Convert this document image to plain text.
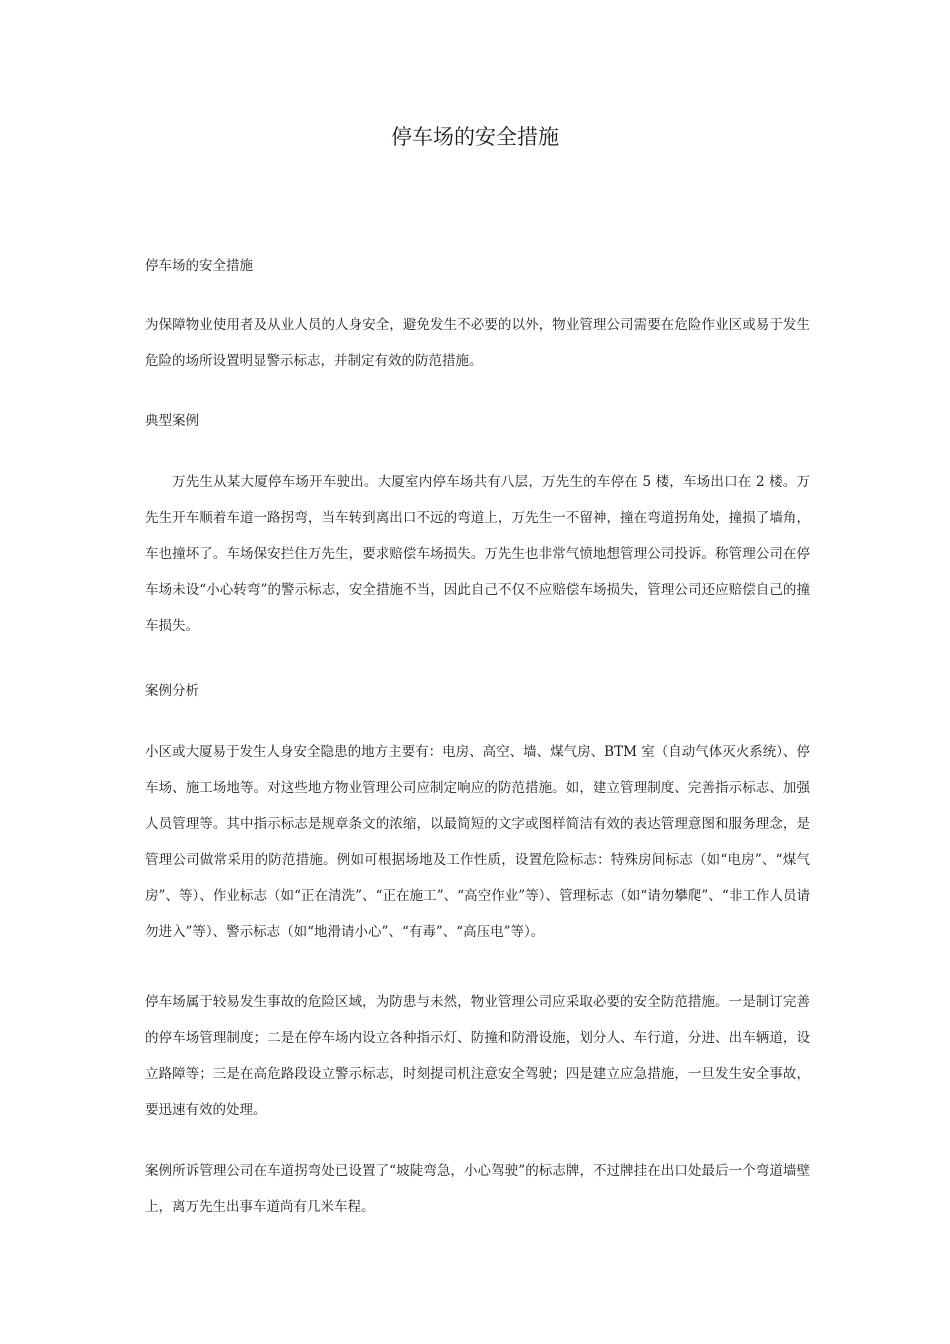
停车场的安全措施
停车场的安全措施

为保障物业使用者及从业人员的人身安全，避免发生不必要的以外，物业管理公司需要在危险作业区或易于发生危险的场所设置明显警示标志，并制定有效的防范措施。

典型案例

万先生从某大厦停车场开车驶出。大厦室内停车场共有八层，万先生的车停在 5 楼，车场出口在 2 楼。万先生开车顺着车道一路拐弯，当车转到离出口不远的弯道上，万先生一不留神，撞在弯道拐角处，撞损了墙角，车也撞坏了。车场保安拦住万先生，要求赔偿车场损失。万先生也非常气愤地想管理公司投诉。称管理公司在停车场未设“小心转弯”的警示标志，安全措施不当，因此自己不仅不应赔偿车场损失，管理公司还应赔偿自己的撞车损失。

案例分析

小区或大厦易于发生人身安全隐患的地方主要有：电房、高空、墙、煤气房、BTM 室（自动气体灭火系统）、停车场、施工场地等。对这些地方物业管理公司应制定响应的防范措施。如，建立管理制度、完善指示标志、加强人员管理等。其中指示标志是规章条文的浓缩，以最简短的文字或图样简洁有效的表达管理意图和服务理念，是管理公司做常采用的防范措施。例如可根据场地及工作性质，设置危险标志：特殊房间标志（如“电房”、“煤气房”、等）、作业标志（如“正在清洗”、“正在施工”、“高空作业”等）、管理标志（如“请勿攀爬”、“非工作人员请勿进入”等）、警示标志（如“地滑请小心”、“有毒”、“高压电”等）。

停车场属于较易发生事故的危险区域，为防患与未然，物业管理公司应采取必要的安全防范措施。一是制订完善的停车场管理制度；二是在停车场内设立各种指示灯、防撞和防滑设施，划分人、车行道，分进、出车辆道，设立路障等；三是在高危路段设立警示标志，时刻提司机注意安全驾驶；四是建立应急措施，一旦发生安全事故，要迅速有效的处理。

案例所诉管理公司在车道拐弯处已设置了“坡陡弯急，小心驾驶”的标志牌，不过牌挂在出口处最后一个弯道墙壁上，离万先生出事车道尚有几米车程。
